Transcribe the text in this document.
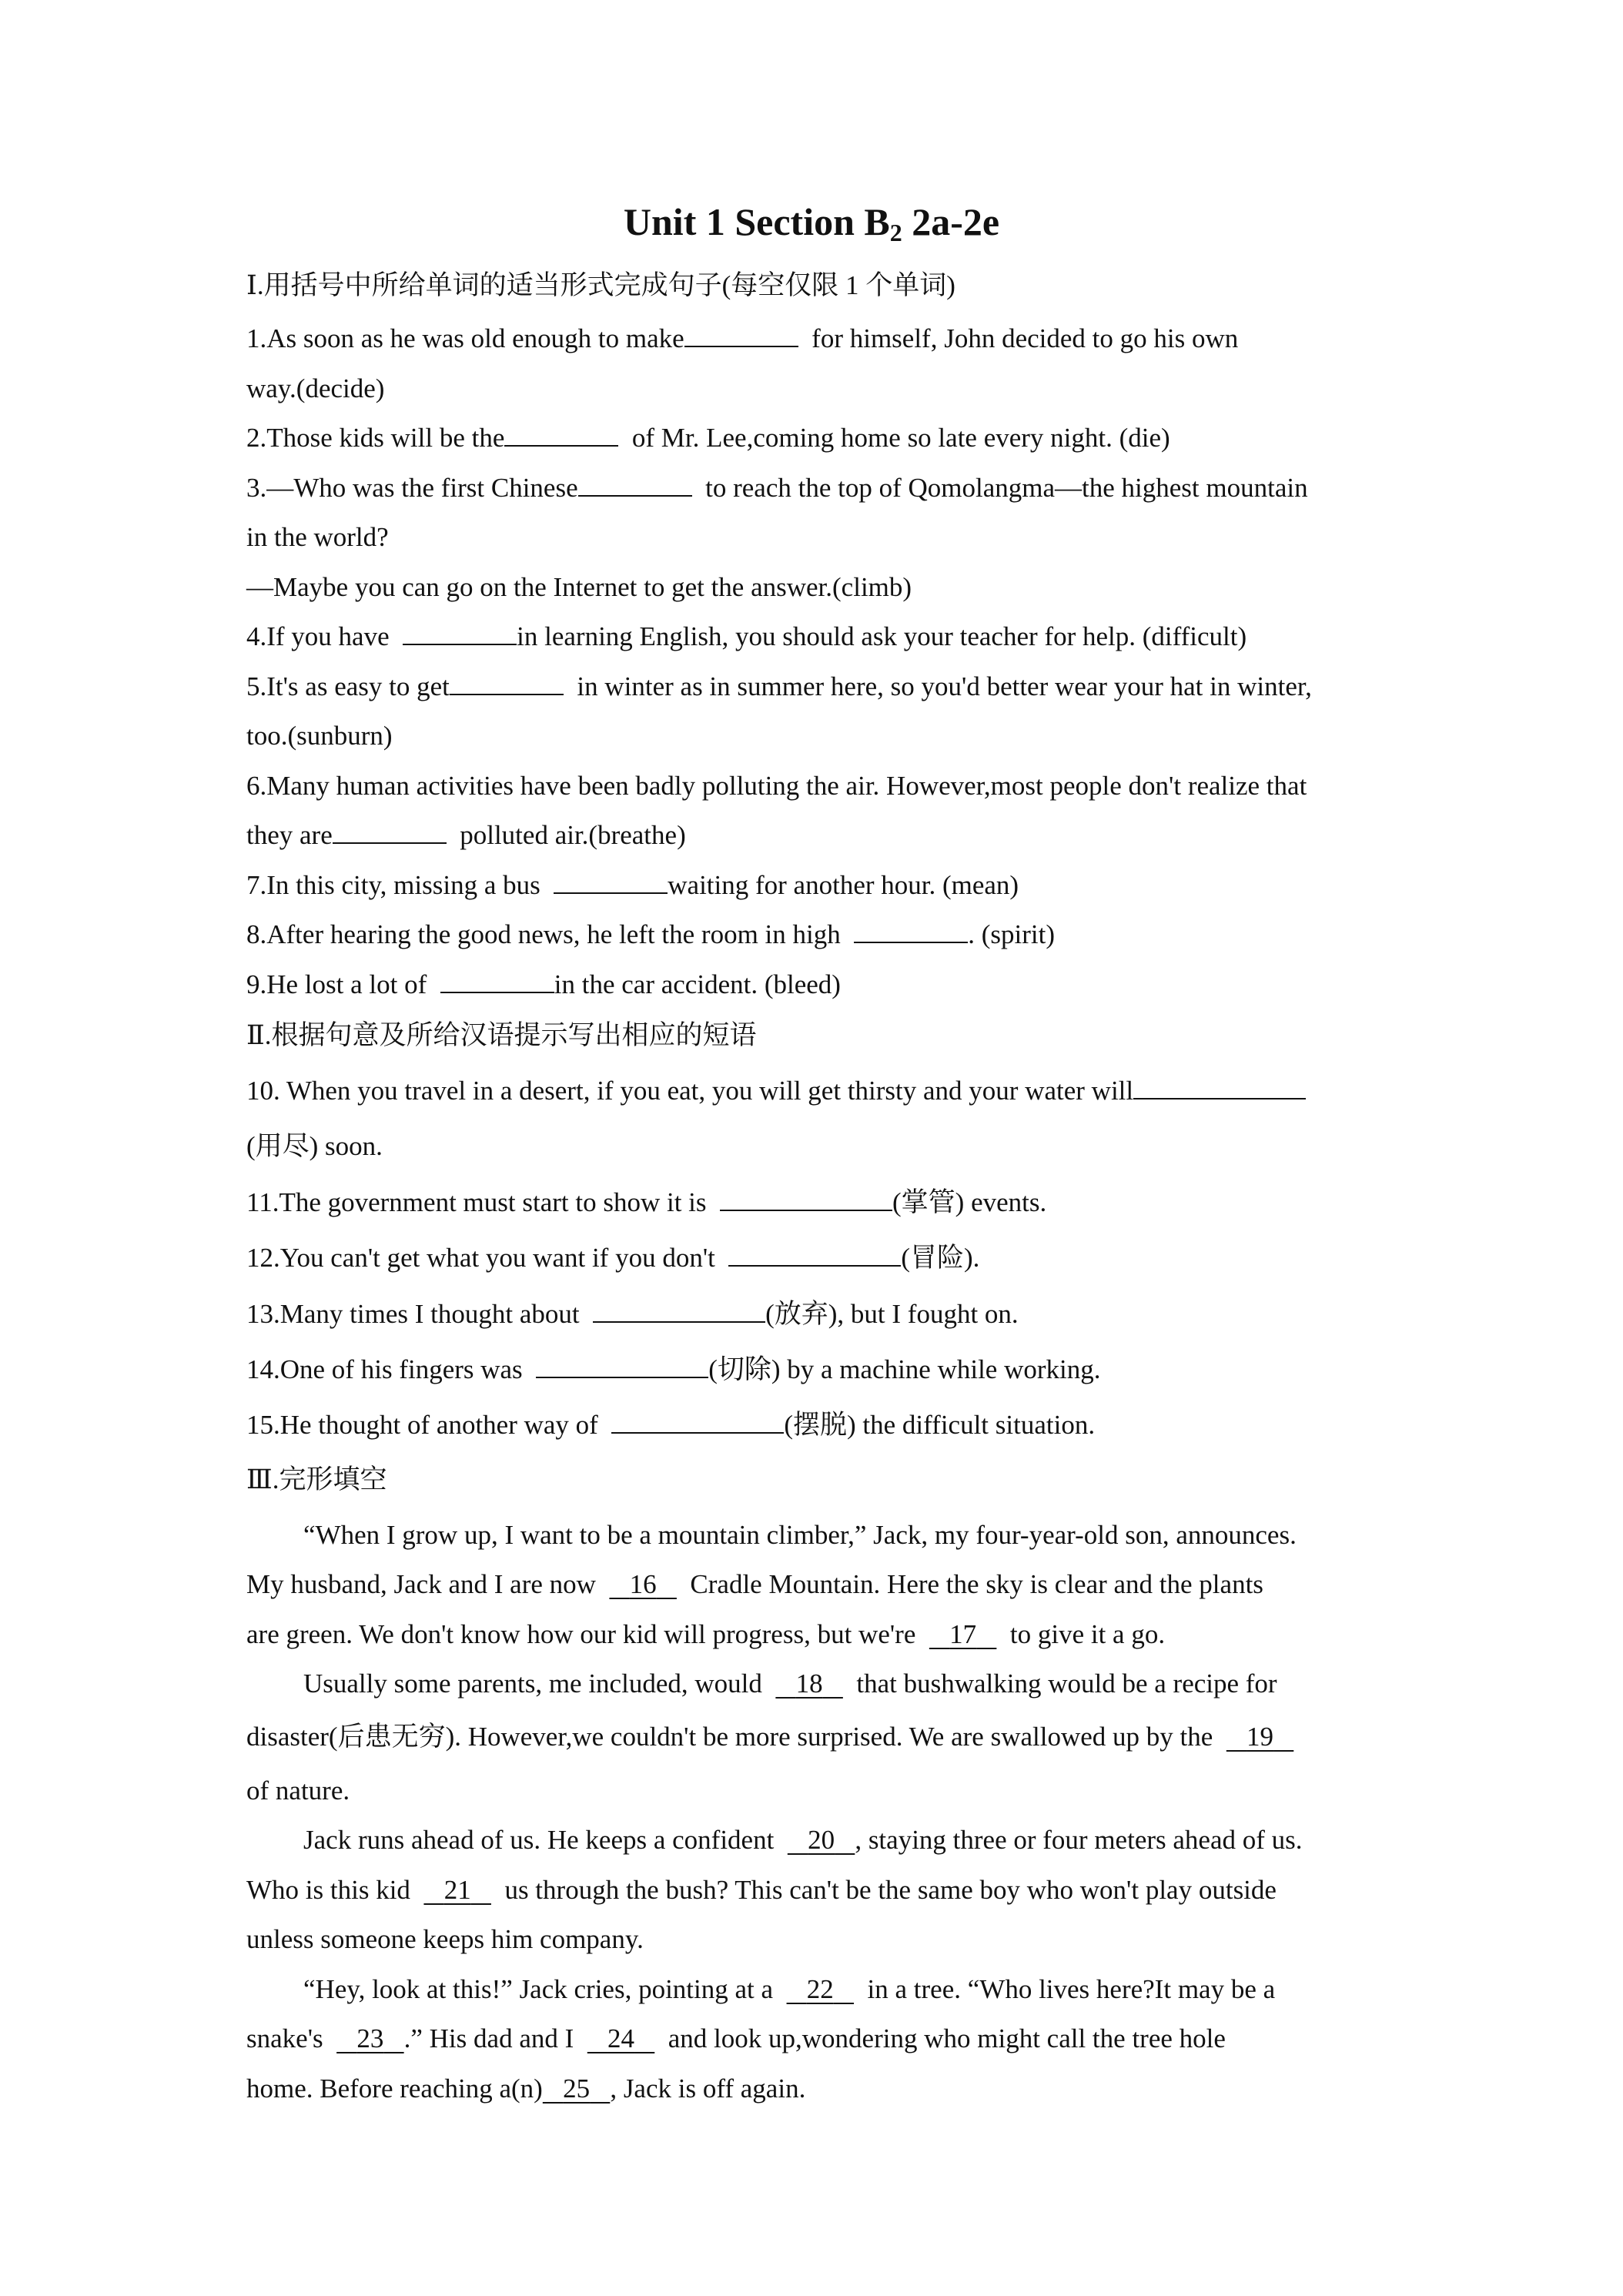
Unit 1 Section $B_2$ 2a-2e
Ⅰ.用括号中所给单词的适当形式完成句子(每空仅限 1 个单词)
1.As soon as he was old enough to make	for himself, John decided to go his own
way.(decide)
2.Those kids will be the	of Mr. Lee,coming home so late every night. (die)
3.—Who was the first Chinese	to reach the top of Qomolangma—the highest mountain
in the world?
—Maybe you can go on the Internet to get the answer.(climb)
4.If you have	in learning English, you should ask your teacher for help. (difficult)
5.It's as easy to get	in winter as in summer here, so you'd better wear your hat in winter,
too.(sunburn)
6.Many human activities have been badly polluting the air. However,most people don't realize that
they are	polluted air.(breathe)
7.In this city, missing a bus	waiting for another hour. (mean)
8.After hearing the good news, he left the room in high	. (spirit)
9.He lost a lot of	in the car accident. (bleed)
Ⅱ.根据句意及所给汉语提示写出相应的短语
10. When you travel in a desert, if you eat, you will get thirsty and your water will
(用尽) soon.
11.The government must start to show it is	(掌管) events.
12.You can't get what you want if you don't	(冒险).
13.Many times I thought about	(放弃), but I fought on.
14.One of his fingers was	(切除) by a machine while working.
15.He thought of another way of	(摆脱) the difficult situation.
Ⅲ.完形填空
“When I grow up, I want to be a mountain climber,” Jack, my four-year-old son, announces.
My husband, Jack and I are now 16 Cradle Mountain. Here the sky is clear and the plants
are green. We don't know how our kid will progress, but we're 17 to give it a go.
Usually some parents, me included, would 18 that bushwalking would be a recipe for
disaster(后患无穷). However,we couldn't be more surprised. We are swallowed up by the 19
of nature.
Jack runs ahead of us. He keeps a confident 20 , staying three or four meters ahead of us.
Who is this kid 21 us through the bush? This can't be the same boy who won't play outside
unless someone keeps him company.
“Hey, look at this!” Jack cries, pointing at a 22 in a tree. “Who lives here?It may be a
snake's 23 .” His dad and I 24 and look up,wondering who might call the tree hole
home. Before reaching a(n) 25 , Jack is off again.
